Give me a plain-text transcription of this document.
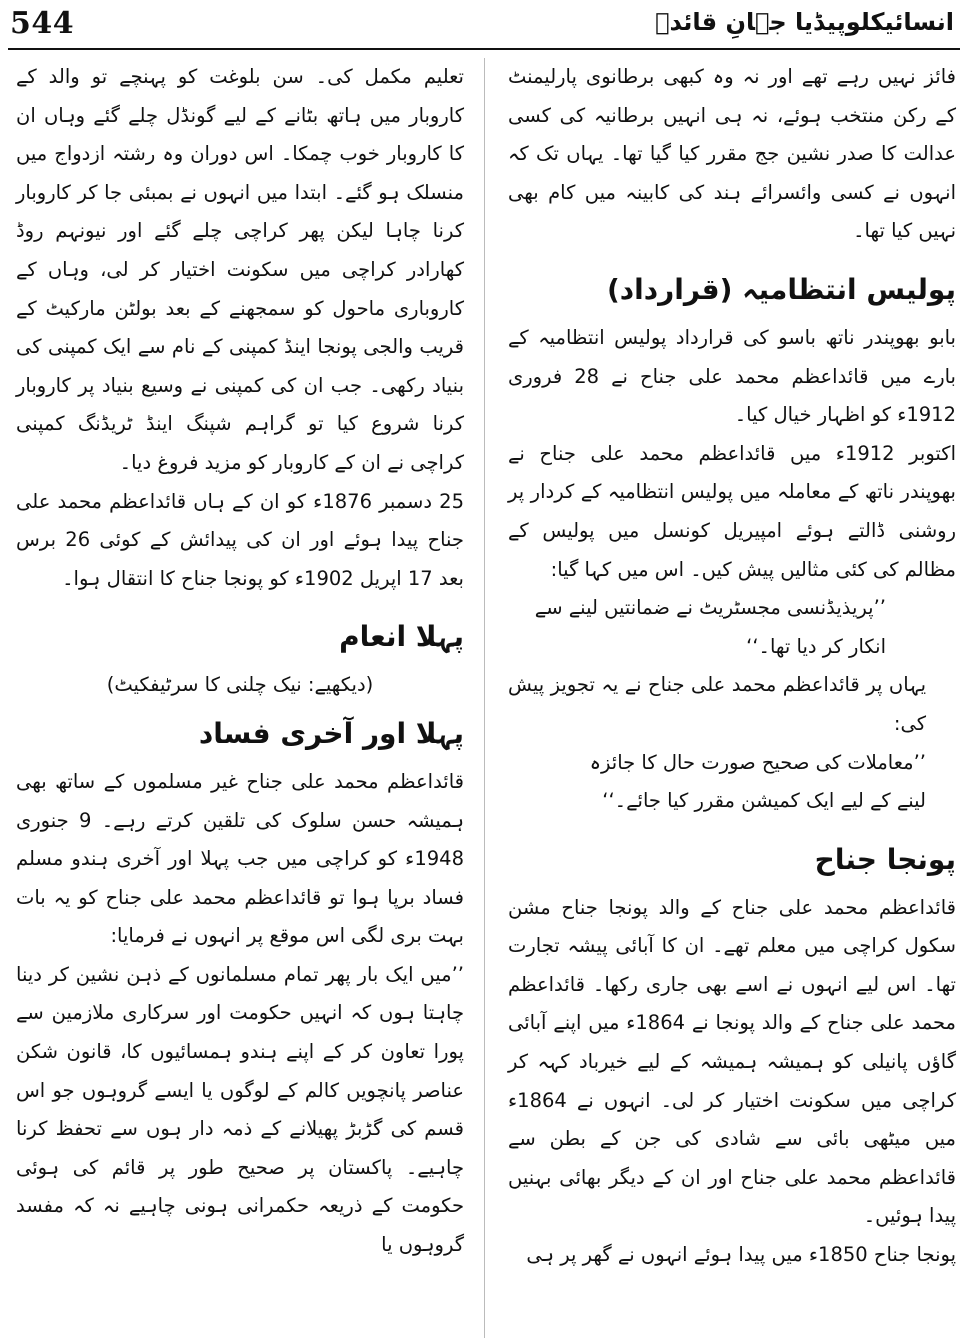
544	انسائیکلوپیڈیا جہانِ قائدؒ

فائز نہیں رہے تھے اور نہ وہ کبھی برطانوی پارلیمنٹ کے رکن منتخب ہوئے، نہ ہی انہیں برطانیہ کی کسی عدالت کا صدر نشین جج مقرر کیا گیا تھا۔ یہاں تک کہ انہوں نے کسی وائسرائے ہند کی کابینہ میں کام بھی نہیں کیا تھا۔

پولیس انتظامیہ (قرارداد)

بابو بھوپندر ناتھ باسو کی قرارداد پولیس انتظامیہ کے بارے میں قائداعظم محمد علی جناح نے 28 فروری 1912ء کو اظہار خیال کیا۔

اکتوبر 1912ء میں قائداعظم محمد علی جناح نے بھوپندر ناتھ کے معاملہ میں پولیس انتظامیہ کے کردار پر روشنی ڈالتے ہوئے امپیریل کونسل میں پولیس کے مظالم کی کئی مثالیں پیش کیں۔ اس میں کہا گیا:

’’پریذیڈنسی مجسٹریٹ نے ضمانتیں لینے سے انکار کر دیا تھا۔‘‘

یہاں پر قائداعظم محمد علی جناح نے یہ تجویز پیش کی:

’’معاملات کی صحیح صورت حال کا جائزہ لینے کے لیے ایک کمیشن مقرر کیا جائے۔‘‘

پونجا جناح

قائداعظم محمد علی جناح کے والد پونجا جناح مشن سکول کراچی میں معلم تھے۔ ان کا آبائی پیشہ تجارت تھا۔ اس لیے انہوں نے اسے بھی جاری رکھا۔ قائداعظم محمد علی جناح کے والد پونجا نے 1864ء میں اپنے آبائی گاؤں پانیلی کو ہمیشہ ہمیشہ کے لیے خیرباد کہہ کر کراچی میں سکونت اختیار کر لی۔ انہوں نے 1864ء میں میٹھی بائی سے شادی کی جن کے بطن سے قائداعظم محمد علی جناح اور ان کے دیگر بھائی بہنیں پیدا ہوئیں۔

پونجا جناح 1850ء میں پیدا ہوئے انہوں نے گھر پر ہی

تعلیم مکمل کی۔ سن بلوغت کو پہنچے تو والد کے کاروبار میں ہاتھ بٹانے کے لیے گونڈل چلے گئے وہاں ان کا کاروبار خوب چمکا۔ اس دوران وہ رشتہ ازدواج میں منسلک ہو گئے۔ ابتدا میں انہوں نے بمبئی جا کر کاروبار کرنا چاہا لیکن پھر کراچی چلے گئے اور نیونہم روڈ کھارادر کراچی میں سکونت اختیار کر لی، وہاں کے کاروباری ماحول کو سمجھنے کے بعد بولٹن مارکیٹ کے قریب والجی پونجا اینڈ کمپنی کے نام سے ایک کمپنی کی بنیاد رکھی۔ جب ان کی کمپنی نے وسیع بنیاد پر کاروبار کرنا شروع کیا تو گراہم شپنگ اینڈ ٹریڈنگ کمپنی کراچی نے ان کے کاروبار کو مزید فروغ دیا۔

25 دسمبر 1876ء کو ان کے ہاں قائداعظم محمد علی جناح پیدا ہوئے اور ان کی پیدائش کے کوئی 26 برس بعد 17 اپریل 1902ء کو پونجا جناح کا انتقال ہوا۔

پہلا انعام

(دیکھیے: نیک چلنی کا سرٹیفکیٹ)

پہلا اور آخری فساد

قائداعظم محمد علی جناح غیر مسلموں کے ساتھ بھی ہمیشہ حسن سلوک کی تلقین کرتے رہے۔ 9 جنوری 1948ء کو کراچی میں جب پہلا اور آخری ہندو مسلم فساد برپا ہوا تو قائداعظم محمد علی جناح کو یہ بات بہت بری لگی اس موقع پر انہوں نے فرمایا:

’’میں ایک بار پھر تمام مسلمانوں کے ذہن نشین کر دینا چاہتا ہوں کہ انہیں حکومت اور سرکاری ملازمین سے پورا تعاون کر کے اپنے ہندو ہمسائیوں کا، قانون شکن عناصر پانچویں کالم کے لوگوں یا ایسے گروہوں جو اس قسم کی گڑبڑ پھیلانے کے ذمہ دار ہوں سے تحفظ کرنا چاہیے۔ پاکستان پر صحیح طور پر قائم کی ہوئی حکومت کے ذریعہ حکمرانی ہونی چاہیے نہ کہ مفسد گروہوں یا
